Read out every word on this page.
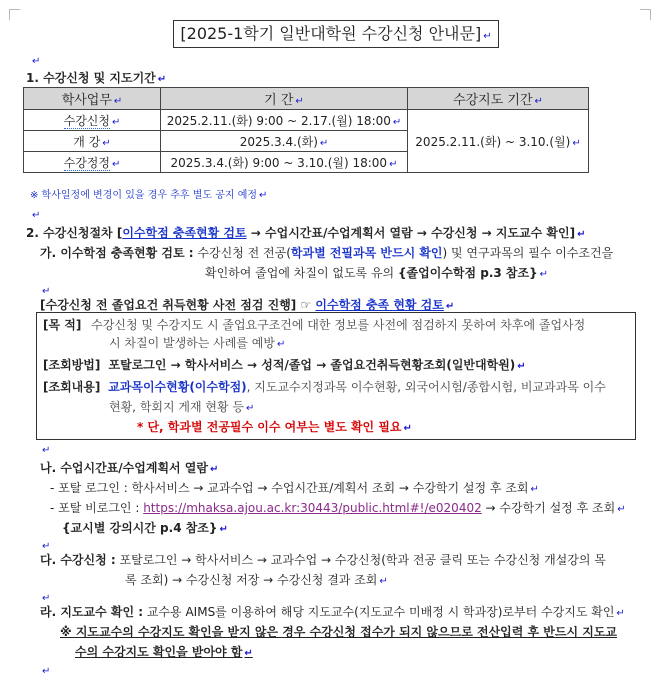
[2025-1학기 일반대학원 수강신청 안내문] ↵
↵
1. 수강신청 및 지도기간 ↵
학사업무 ↵	기 간 ↵	수강지도 기간 ↵
수강신청 ↵	2025.2.11.(화) 9:00 ~ 2.17.(월) 18:00 ↵	2025.2.11.(화) ~ 3.10.(월) ↵
개 강 ↵	2025.3.4.(화) ↵	
수강정정 ↵	2025.3.4.(화) 9:00 ~ 3.10.(월) 18:00 ↵	
※ 학사일정에 변경이 있을 경우 추후 별도 공지 예정 ↵
↵
2. 수강신청절차 [이수학점 충족현황 검토 → 수업시간표/수업계획서 열람 → 수강신청 → 지도교수 확인] ↵
가. 이수학점 충족현황 검토 : 수강신청 전 전공(학과별 전필과목 반드시 확인) 및 연구과목의 필수 이수조건을
확인하여 졸업에 차질이 없도록 유의 {졸업이수학점 p.3 참조} ↵
↵
[수강신청 전 졸업요건 취득현황 사전 점검 진행] ☞ 이수학점 충족 현황 검토 ↵
[목 적] 수강신청 및 수강지도 시 졸업요구조건에 대한 정보를 사전에 점검하지 못하여 차후에 졸업사정
시 차질이 발생하는 사례를 예방 ↵
[조회방법] 포탈로그인 → 학사서비스 → 성적/졸업 → 졸업요건취득현황조회(일반대학원) ↵
[조회내용] 교과목이수현황(이수학점), 지도교수지정과목 이수현황, 외국어시험/종합시험, 비교과과목 이수
현황, 학회지 게재 현황 등 ↵
* 단, 학과별 전공필수 이수 여부는 별도 확인 필요 ↵
↵
나. 수업시간표/수업계획서 열람 ↵
- 포탈 로그인 : 학사서비스 → 교과수업 → 수업시간표/계획서 조회 → 수강학기 설정 후 조회 ↵
- 포탈 비로그인 : https://mhaksa.ajou.ac.kr:30443/public.html#!/e020402 → 수강학기 설정 후 조회 ↵
{교시별 강의시간 p.4 참조} ↵
↵
다. 수강신청 : 포탈로그인 → 학사서비스 → 교과수업 → 수강신청(학과 전공 클릭 또는 수강신청 개설강의 목
록 조회) → 수강신청 저장 → 수강신청 결과 조회 ↵
↵
라. 지도교수 확인 : 교수용 AIMS를 이용하여 해당 지도교수(지도교수 미배정 시 학과장)로부터 수강지도 확인 ↵
※ 지도교수의 수강지도 확인을 받지 않은 경우 수강신청 접수가 되지 않으므로 전산입력 후 반드시 지도교
수의 수강지도 확인을 받아야 함 ↵
↵
